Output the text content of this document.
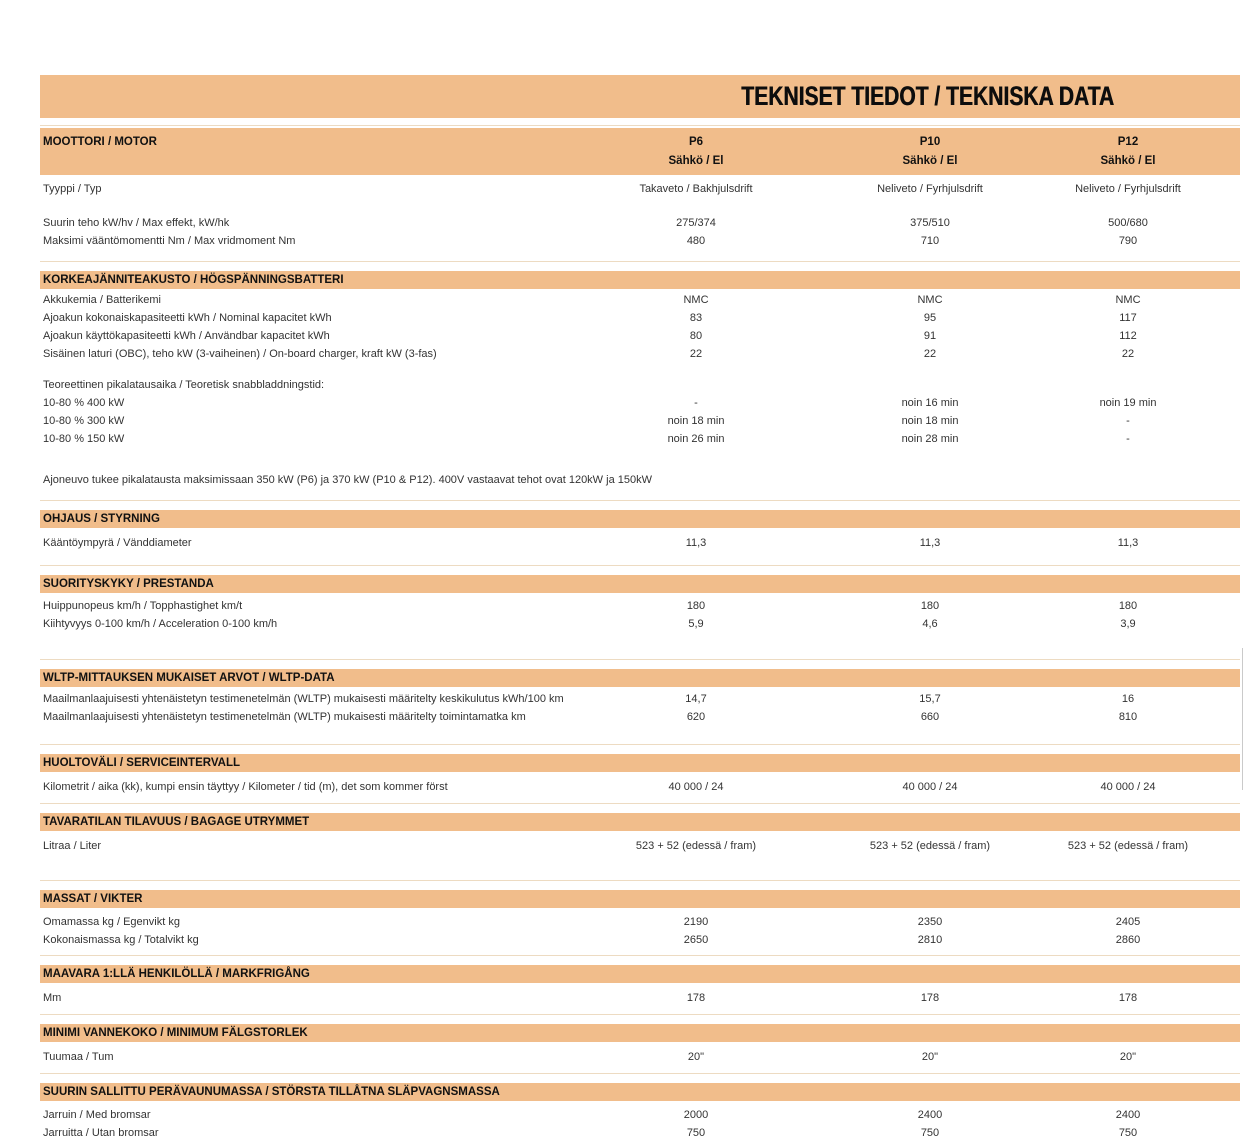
TEKNISET TIEDOT / TEKNISKA DATA
MOOTTORI / MOTOR	P6	P10	P12
Sähkö / El	Sähkö / El	Sähkö / El
Tyyppi / Typ	Takaveto / Bakhjulsdrift	Neliveto / Fyrhjulsdrift	Neliveto / Fyrhjulsdrift
Suurin teho kW/hv / Max effekt, kW/hk	275/374	375/510	500/680
Maksimi vääntömomentti Nm / Max vridmoment Nm	480	710	790
KORKEAJÄNNITEAKUSTO / HÖGSPÄNNINGSBATTERI
Akkukemia / Batterikemi	NMC	NMC	NMC
Ajoakun kokonaiskapasiteetti kWh / Nominal kapacitet kWh	83	95	117
Ajoakun käyttökapasiteetti kWh / Användbar kapacitet kWh	80	91	112
Sisäinen laturi (OBC), teho kW (3-vaiheinen) / On-board charger, kraft kW (3-fas)	22	22	22
Teoreettinen pikalatausaika / Teoretisk snabbladdningstid:
10-80 % 400 kW	-	noin 16 min	noin 19 min
10-80 % 300 kW	noin 18 min	noin 18 min	-
10-80 % 150 kW	noin 26 min	noin 28 min	-
Ajoneuvo tukee pikalatausta maksimissaan 350 kW (P6) ja 370 kW (P10 & P12). 400V vastaavat tehot ovat 120kW ja 150kW
OHJAUS / STYRNING
Kääntöympyrä / Vänddiameter	11,3	11,3	11,3
SUORITYSKYKY / PRESTANDA
Huippunopeus km/h / Topphastighet km/t	180	180	180
Kiihtyvyys 0-100 km/h / Acceleration 0-100 km/h	5,9	4,6	3,9
WLTP-MITTAUKSEN MUKAISET ARVOT / WLTP-DATA
Maailmanlaajuisesti yhtenäistetyn testimenetelmän (WLTP) mukaisesti määritelty keskikulutus kWh/100 km	14,7	15,7	16
Maailmanlaajuisesti yhtenäistetyn testimenetelmän (WLTP) mukaisesti määritelty toimintamatka km	620	660	810
HUOLTOVÄLI / SERVICEINTERVALL
Kilometrit / aika (kk), kumpi ensin täyttyy / Kilometer / tid (m), det som kommer först	40 000 / 24	40 000 / 24	40 000 / 24
TAVARATILAN TILAVUUS / BAGAGE UTRYMMET
Litraa / Liter	523 + 52 (edessä / fram)	523 + 52 (edessä / fram)	523 + 52 (edessä / fram)
MASSAT / VIKTER
Omamassa kg / Egenvikt kg	2190	2350	2405
Kokonaismassa kg / Totalvikt kg	2650	2810	2860
MAAVARA 1:LLÄ HENKILÖLLÄ / MARKFRIGÅNG
Mm	178	178	178
MINIMI VANNEKOKO / MINIMUM FÄLGSTORLEK
Tuumaa / Tum	20"	20"	20"
SUURIN SALLITTU PERÄVAUNUMASSA / STÖRSTA TILLÅTNA SLÄPVAGNSMASSA
Jarruin / Med bromsar	2000	2400	2400
Jarruitta / Utan bromsar	750	750	750
